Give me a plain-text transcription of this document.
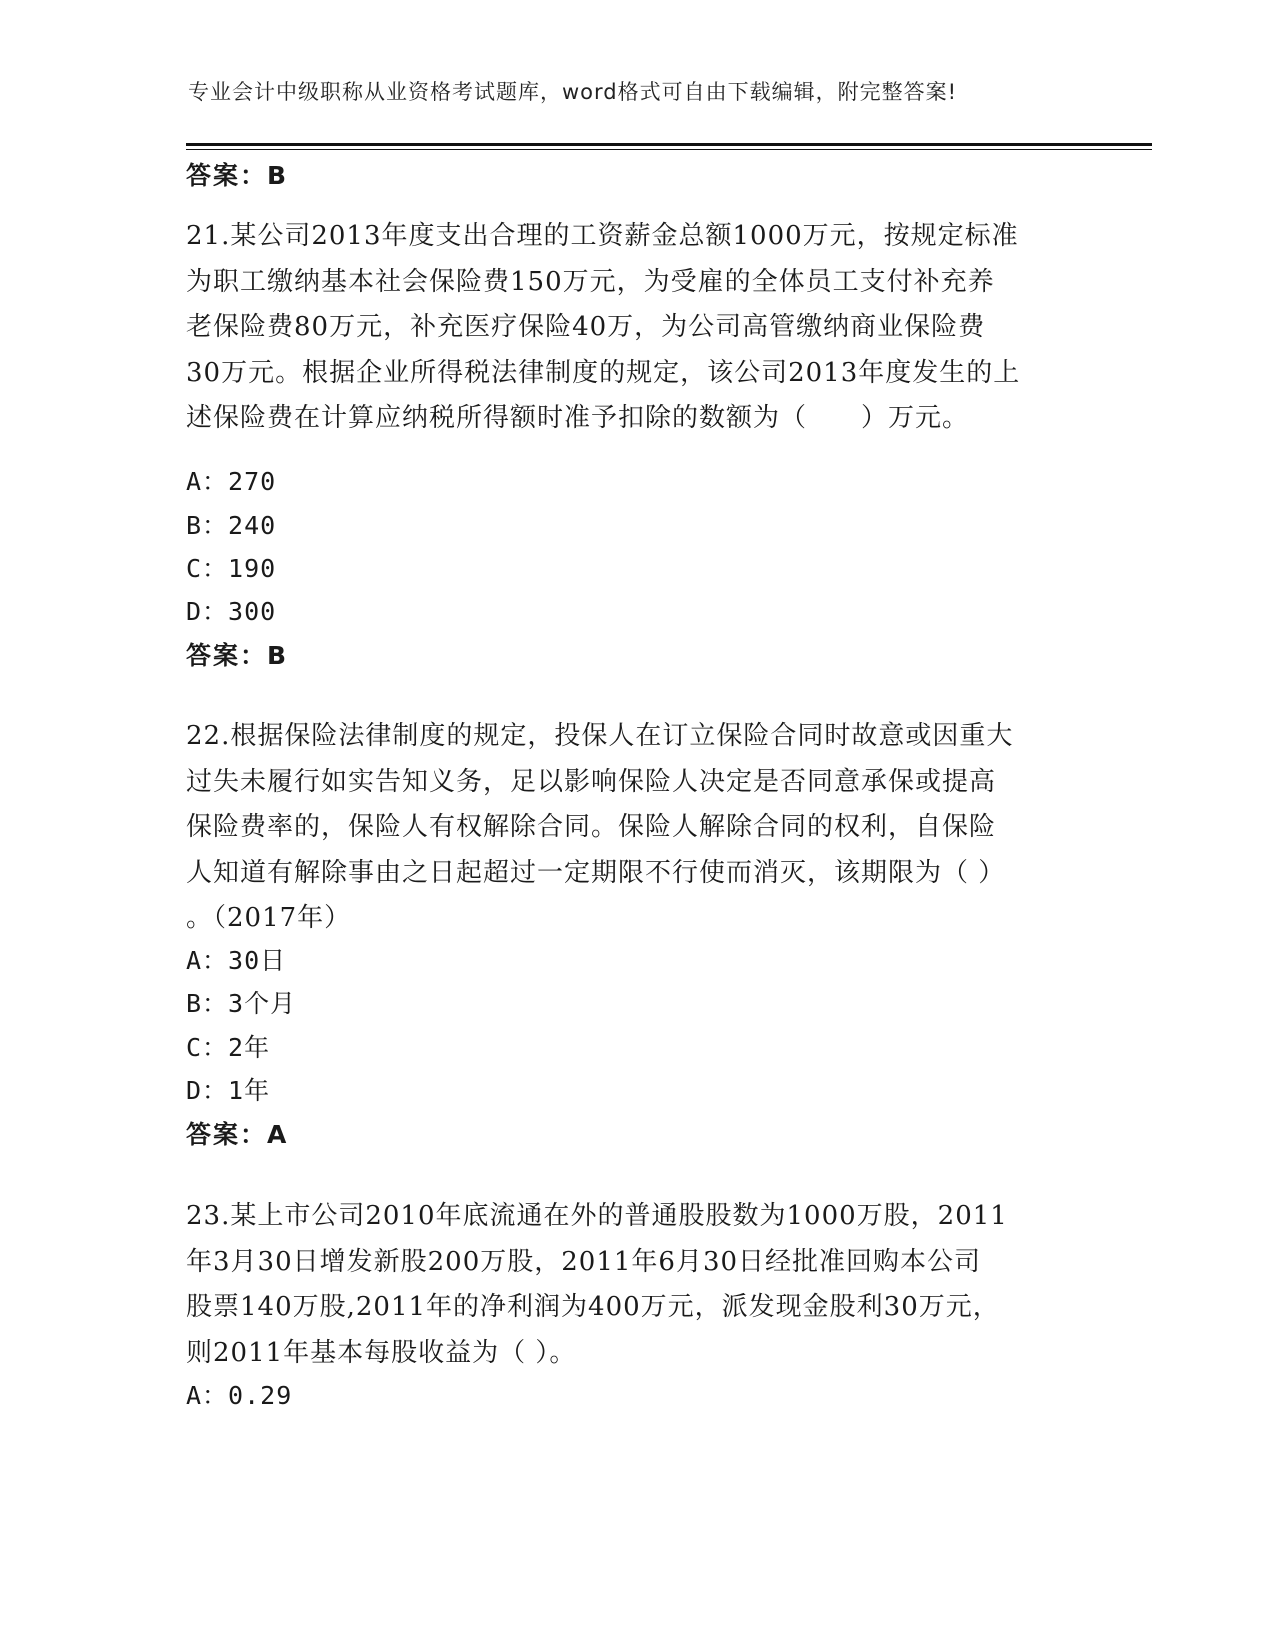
专业会计中级职称从业资格考试题库，word格式可自由下载编辑，附完整答案!
答案：B
21.某公司2013年度支出合理的工资薪金总额1000万元，按规定标准
为职工缴纳基本社会保险费150万元，为受雇的全体员工支付补充养
老保险费80万元，补充医疗保险40万，为公司高管缴纳商业保险费
30万元。根据企业所得税法律制度的规定，该公司2013年度发生的上
述保险费在计算应纳税所得额时准予扣除的数额为（　　）万元。
A：270
B：240
C：190
D：300
答案：B
22.根据保险法律制度的规定，投保人在订立保险合同时故意或因重大
过失未履行如实告知义务，足以影响保险人决定是否同意承保或提高
保险费率的，保险人有权解除合同。保险人解除合同的权利，自保险
人知道有解除事由之日起超过一定期限不行使而消灭，该期限为（ ）
。（2017年）
A：30日
B：3个月
C：2年
D：1年
答案：A
23.某上市公司2010年底流通在外的普通股股数为1000万股，2011
年3月30日增发新股200万股，2011年6月30日经批准回购本公司
股票140万股,2011年的净利润为400万元，派发现金股利30万元，
则2011年基本每股收益为（ ）。
A：0.29
